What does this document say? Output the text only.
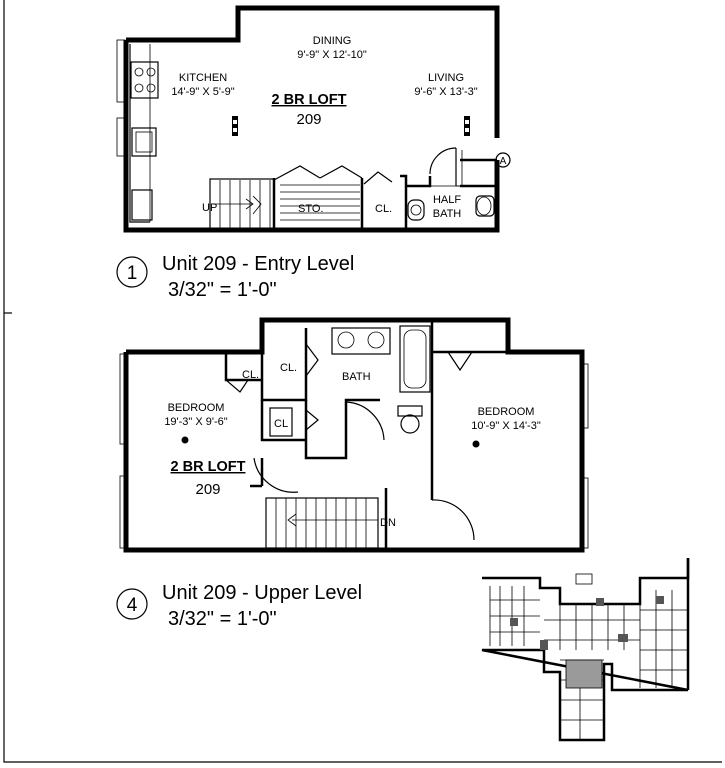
A
DINING
9'-9" X 12'-10"
KITCHEN
14'-9" X 5'-9"
LIVING
9'-6" X 13'-3"
2 BR LOFT
209
UP	STO.	CL.
HALF
BATH
1 Unit 209 - Entry Level
3/32" = 1'-0"
CL.
CL.
BATH
CL
BEDROOM
19'-3" X 9'-6"
BEDROOM
10'-9" X 14'-3"
2 BR LOFT
209
DN
4
Unit 209 - Upper Level
3/32" = 1'-0"
